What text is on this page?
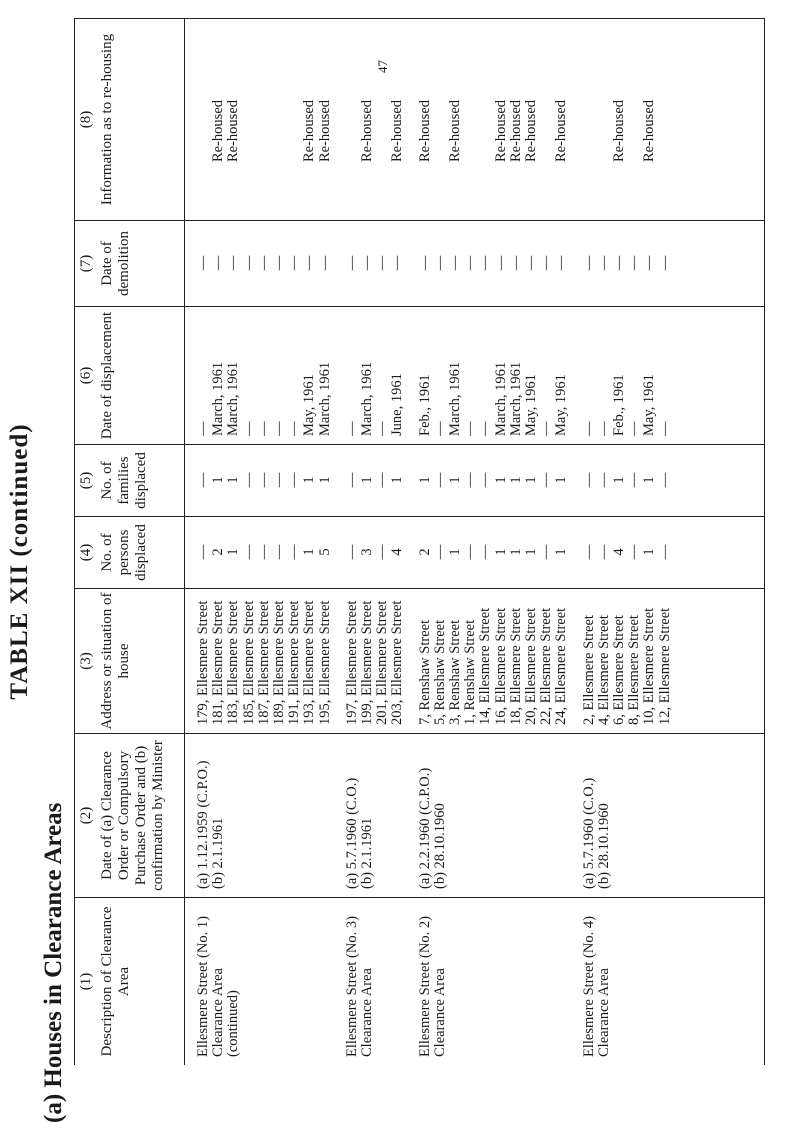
TABLE XII (continued)
(a) Houses in Clearance Areas (1) Description of Clearance Area
(2) Date of (a) Clearance Order or Compulsory Purchase Order and (b) confirmation by Minister
(3) Address or situation of house
(4) No. of persons displaced
(5) No. of families displaced
(6) Date of displacement
(7) Date of demolition
(8) Information as to re-housing
Ellesmere Street (No. 1) Clearance Area (continued)
(a) 1.12.1959 (C.P.O.) (b) 2.1.1961
179, Ellesmere Street
—
—
—
—
181, Ellesmere Street
2
1
March, 1961
—
Re-housed
183, Ellesmere Street
1
1
March, 1961
—
Re-housed
185, Ellesmere Street
—
—
—
—
187, Ellesmere Street
—
—
—
—
189, Ellesmere Street
—
—
—
—
191, Ellesmere Street
—
—
—
—
193, Ellesmere Street
1
1
May, 1961
—
Re-housed
195, Ellesmere Street
5
1
March, 1961
—
Re-housed
Ellesmere Street (No. 3) Clearance Area
(a) 5.7.1960 (C.O.) (b) 2.1.1961
197, Ellesmere Street
—
—
—
—
199, Ellesmere Street
3
1
March, 1961
—
Re-housed
201, Ellesmere Street
—
—
—
—
203, Ellesmere Street
4
1
June, 1961
—
Re-housed
Ellesmere Street (No. 2) Clearance Area
(a) 2.2.1960 (C.P.O.) (b) 28.10.1960
7, Renshaw Street
2
1
Feb., 1961
—
Re-housed
5, Renshaw Street
—
—
—
—
3, Renshaw Street
1
1
March, 1961
—
Re-housed
1, Renshaw Street
—
—
—
—
14, Ellesmere Street
—
—
—
—
16, Ellesmere Street
1
1
March, 1961
—
Re-housed
18, Ellesmere Street
1
1
March, 1961
—
Re-housed
20, Ellesmere Street
1
1
May, 1961
—
Re-housed
22, Ellesmere Street
—
—
—
—
24, Ellesmere Street
1
1
May, 1961
—
Re-housed
Ellesmere Street (No. 4) Clearance Area
(a) 5.7.1960 (C.O.) (b) 28.10.1960
2, Ellesmere Street
—
—
—
—
4, Ellesmere Street
—
—
—
—
6, Ellesmere Street
4
1
Feb., 1961
—
Re-housed
8, Ellesmere Street
—
—
—
—
10, Ellesmere Street
1
1
May, 1961
—
Re-housed
12, Ellesmere Street
—
—
—
—
47
